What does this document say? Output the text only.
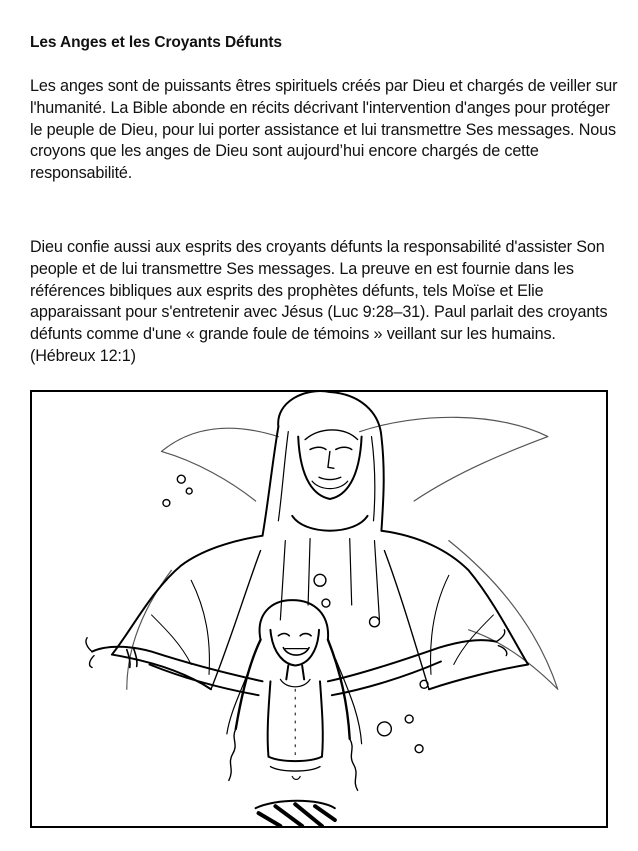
Les Anges et les Croyants Défunts

Les anges sont de puissants êtres spirituels créés par Dieu et chargés de veiller sur l'humanité. La Bible abonde en récits décrivant l'intervention d'anges pour protéger le peuple de Dieu, pour lui porter assistance et lui transmettre Ses messages. Nous croyons que les anges de Dieu sont aujourd’hui encore chargés de cette responsabilité.

Dieu confie aussi aux esprits des croyants défunts la responsabilité d'assister Son people et de lui transmettre Ses messages. La preuve en est fournie dans les références bibliques aux esprits des prophètes défunts, tels Moïse et Elie apparaissant pour s'entretenir avec Jésus (Luc 9:28–31). Paul parlait des croyants défunts comme d'une « grande foule de témoins » veillant sur les humains. (Hébreux 12:1)
